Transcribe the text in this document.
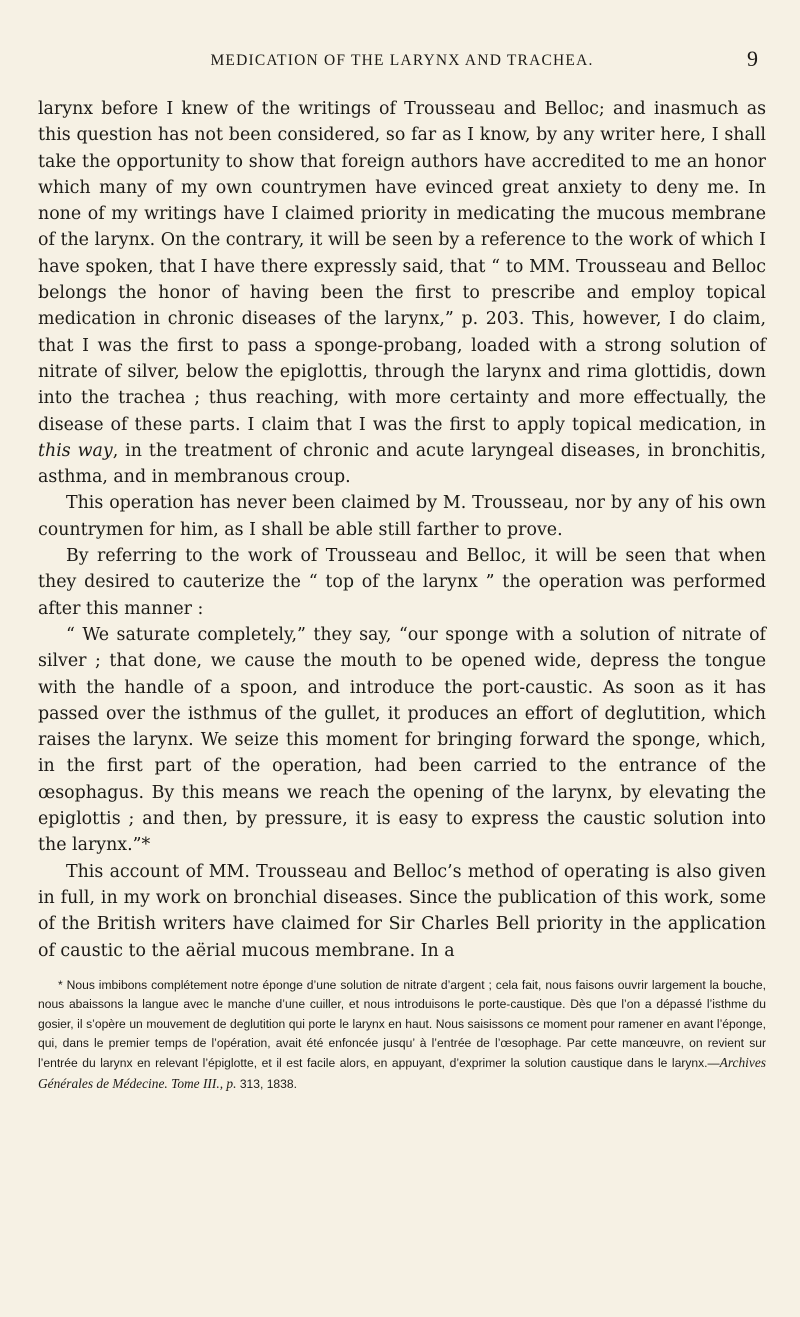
MEDICATION OF THE LARYNX AND TRACHEA.	9

larynx before I knew of the writings of Trousseau and Belloc; and inasmuch as this question has not been considered, so far as I know, by any writer here, I shall take the opportunity to show that foreign authors have accredited to me an honor which many of my own countrymen have evinced great anxiety to deny me. In none of my writings have I claimed priority in medicating the mucous membrane of the larynx. On the contrary, it will be seen by a reference to the work of which I have spoken, that I have there expressly said, that “ to MM. Trousseau and Belloc belongs the honor of having been the first to prescribe and employ topical medication in chronic diseases of the larynx,” p. 203. This, however, I do claim, that I was the first to pass a sponge-probang, loaded with a strong solution of nitrate of silver, below the epiglottis, through the larynx and rima glottidis, down into the trachea ; thus reaching, with more certainty and more effectually, the disease of these parts. I claim that I was the first to apply topical medication, in this way, in the treatment of chronic and acute laryngeal diseases, in bronchitis, asthma, and in membranous croup.

This operation has never been claimed by M. Trousseau, nor by any of his own countrymen for him, as I shall be able still farther to prove.

By referring to the work of Trousseau and Belloc, it will be seen that when they desired to cauterize the “ top of the larynx ” the operation was performed after this manner :

“ We saturate completely,” they say, “our sponge with a solution of nitrate of silver ; that done, we cause the mouth to be opened wide, depress the tongue with the handle of a spoon, and introduce the port-caustic. As soon as it has passed over the isthmus of the gullet, it produces an effort of deglutition, which raises the larynx. We seize this moment for bringing forward the sponge, which, in the first part of the operation, had been carried to the entrance of the œsophagus. By this means we reach the opening of the larynx, by elevating the epiglottis ; and then, by pressure, it is easy to express the caustic solution into the larynx.”*

This account of MM. Trousseau and Belloc’s method of operating is also given in full, in my work on bronchial diseases. Since the publication of this work, some of the British writers have claimed for Sir Charles Bell priority in the application of caustic to the aërial mucous membrane. In a

* Nous imbibons complétement notre éponge d’une solution de nitrate d’argent ; cela fait, nous faisons ouvrir largement la bouche, nous abaissons la langue avec le manche d’une cuiller, et nous introduisons le porte-caustique. Dès que l’on a dépassé l’isthme du gosier, il s’opère un mouvement de deglutition qui porte le larynx en haut. Nous saisissons ce moment pour ramener en avant l’éponge, qui, dans le premier temps de l’opération, avait été enfoncée jusqu’ à l’entrée de l’œsophage. Par cette manœuvre, on revient sur l’entrée du larynx en relevant l’épiglotte, et il est facile alors, en appuyant, d’exprimer la solution caustique dans le larynx.—Archives Générales de Médecine. Tome III., p. 313, 1838.
